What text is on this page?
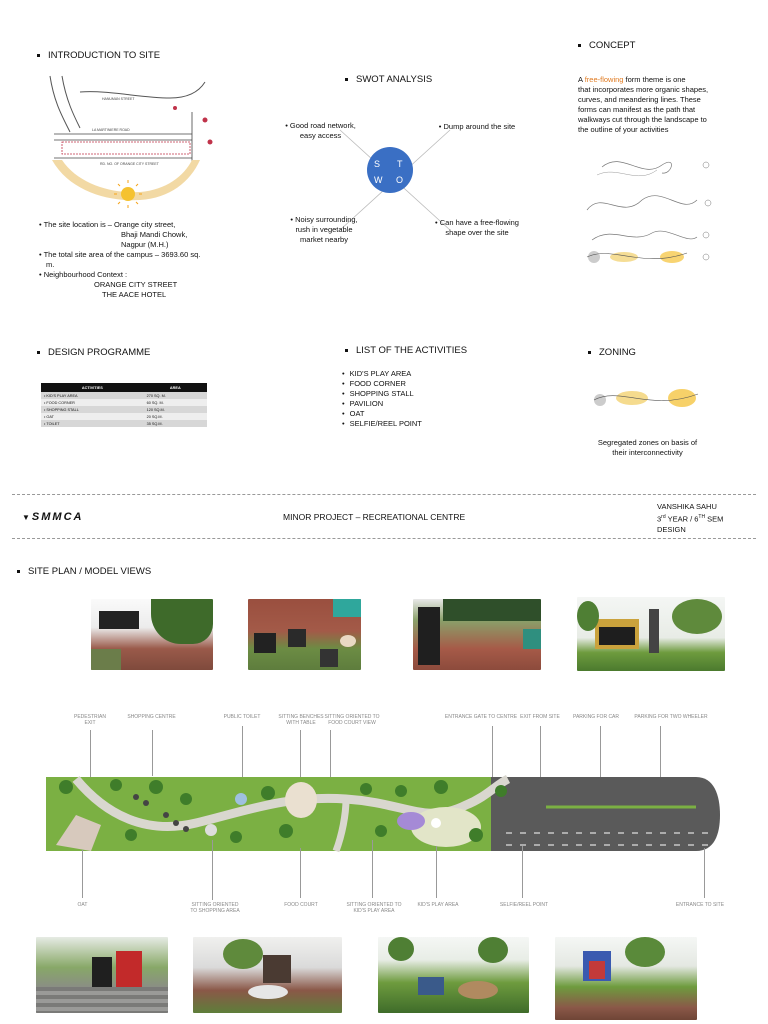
INTRODUCTION TO SITE
HANUMAN STREET
LA MARTINIERE ROAD
RD. NO. OF ORANGE CITY STREET
• The site location is – Orange city street,
Bhaji Mandi Chowk,
Nagpur (M.H.)
• The total site area of the campus – 3693.60 sq.
m.
• Neighbourhood Context :
ORANGE CITY STREET
THE AACE HOTEL
SWOT ANALYSIS
S T
W O
• Good road network, easy access
• Dump around the site
• Noisy surrounding, rush in vegetable market nearby
• Can have a free-flowing shape over the site
CONCEPT
A free-flowing form theme is one
that incorporates more organic shapes,
curves, and meandering lines. These
forms can manifest as the path that
walkways cut through the landscape to
the outline of your activities
DESIGN PROGRAMME
ACTIVITIES	AREA
• KID'S PLAY AREA	270 SQ. M.
• FOOD CORNER	60 SQ. M.
• SHOPPING STALL	120 SQ.M.
• OAT	20 SQ.M.
• TOILET	35 SQ.M.
LIST OF THE ACTIVITIES
• KID'S PLAY AREA
• FOOD CORNER
• SHOPPING STALL
• PAVILION
• OAT
• SELFIE/REEL POINT
ZONING
Segregated zones on basis of
their interconnectivity
▼SMMCA	MINOR PROJECT – RECREATIONAL CENTRE
VANSHIKA SAHU
3rd YEAR / 6TH SEM
DESIGN
SITE PLAN / MODEL VIEWS
PEDESTRIAN EXIT
SHOPPING CENTRE	PUBLIC TOILET	SITTING BENCHES WITH TABLE
SITTING ORIENTED TO FOOD COURT VIEW
ENTRANCE GATE TO CENTRE EXIT FROM SITE	PARKING FOR CAR	PARKING FOR TWO WHEELER
OAT	SITTING ORIENTED TO SHOPPING AREA
FOOD COURT	SITTING ORIENTED TO KID'S PLAY AREA
KID'S PLAY AREA	SELFIE/REEL POINT	ENTRANCE TO SITE
